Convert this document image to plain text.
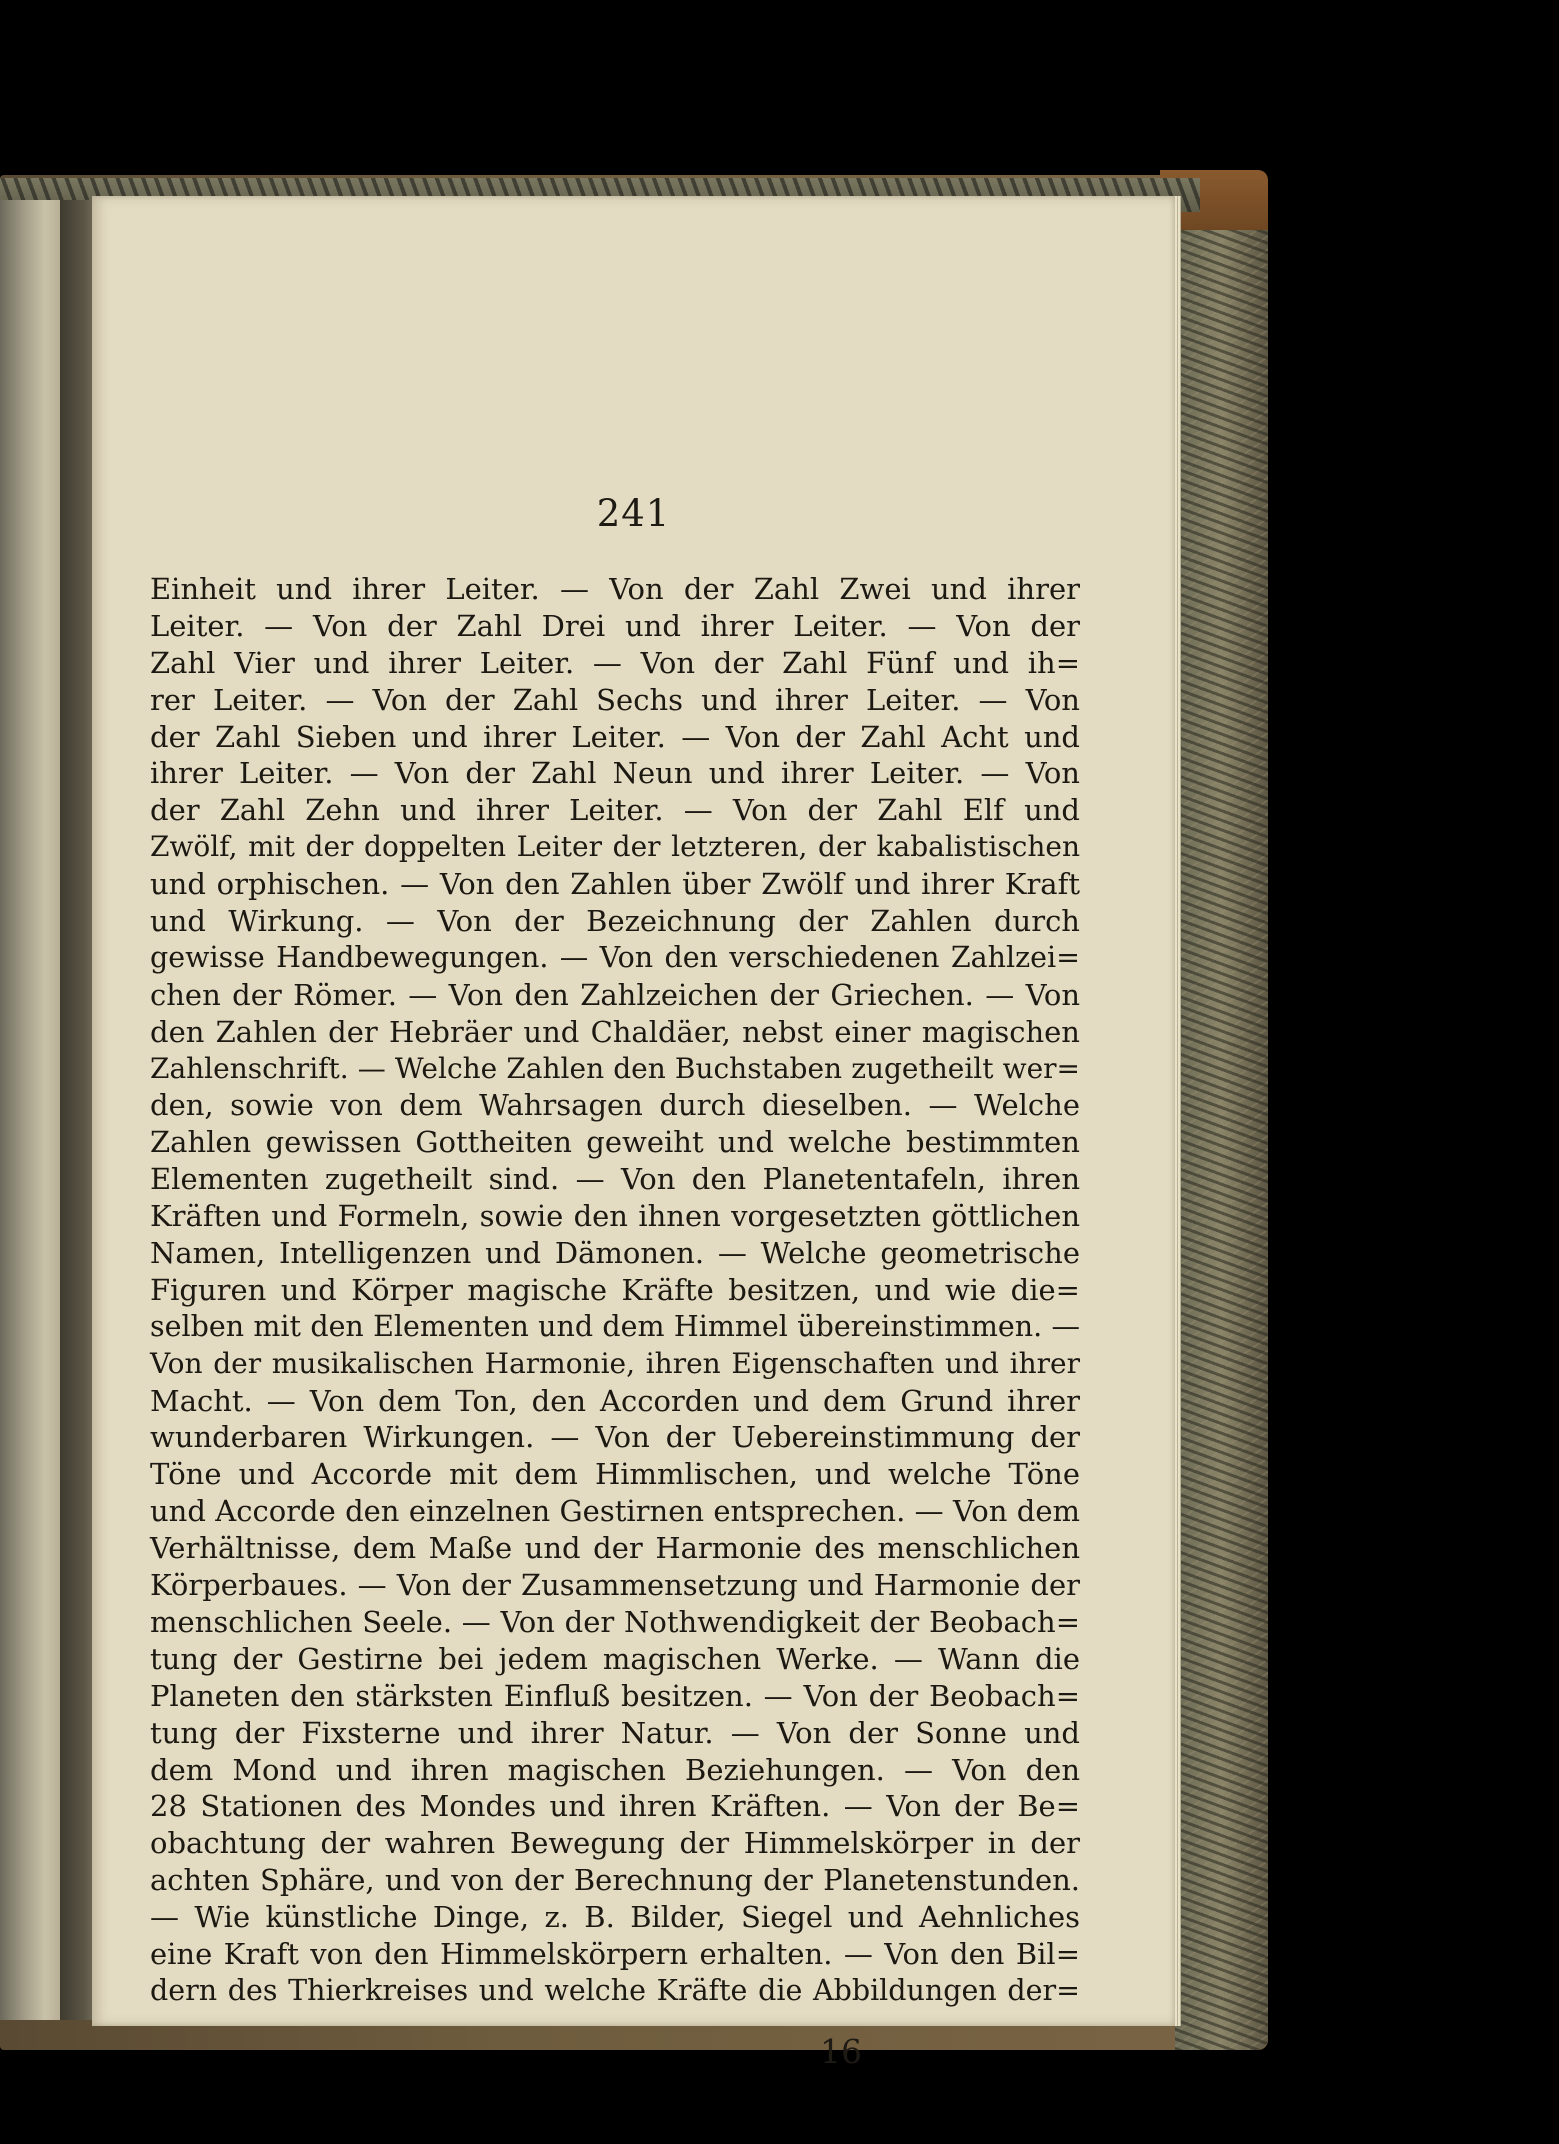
241
Einheit und ihrer Leiter. — Von der Zahl Zwei und ihrer
Leiter. — Von der Zahl Drei und ihrer Leiter. — Von der
Zahl Vier und ihrer Leiter. — Von der Zahl Fünf und ih=
rer Leiter. — Von der Zahl Sechs und ihrer Leiter. — Von
der Zahl Sieben und ihrer Leiter. — Von der Zahl Acht und
ihrer Leiter. — Von der Zahl Neun und ihrer Leiter. — Von
der Zahl Zehn und ihrer Leiter. — Von der Zahl Elf und
Zwölf, mit der doppelten Leiter der letzteren, der kabalistischen
und orphischen. — Von den Zahlen über Zwölf und ihrer Kraft
und Wirkung. — Von der Bezeichnung der Zahlen durch
gewisse Handbewegungen. — Von den verschiedenen Zahlzei=
chen der Römer. — Von den Zahlzeichen der Griechen. — Von
den Zahlen der Hebräer und Chaldäer, nebst einer magischen
Zahlenschrift. — Welche Zahlen den Buchstaben zugetheilt wer=
den, sowie von dem Wahrsagen durch dieselben. — Welche
Zahlen gewissen Gottheiten geweiht und welche bestimmten
Elementen zugetheilt sind. — Von den Planetentafeln, ihren
Kräften und Formeln, sowie den ihnen vorgesetzten göttlichen
Namen, Intelligenzen und Dämonen. — Welche geometrische
Figuren und Körper magische Kräfte besitzen, und wie die=
selben mit den Elementen und dem Himmel übereinstimmen. —
Von der musikalischen Harmonie, ihren Eigenschaften und ihrer
Macht. — Von dem Ton, den Accorden und dem Grund ihrer
wunderbaren Wirkungen. — Von der Uebereinstimmung der
Töne und Accorde mit dem Himmlischen, und welche Töne
und Accorde den einzelnen Gestirnen entsprechen. — Von dem
Verhältnisse, dem Maße und der Harmonie des menschlichen
Körperbaues. — Von der Zusammensetzung und Harmonie der
menschlichen Seele. — Von der Nothwendigkeit der Beobach=
tung der Gestirne bei jedem magischen Werke. — Wann die
Planeten den stärksten Einfluß besitzen. — Von der Beobach=
tung der Fixsterne und ihrer Natur. — Von der Sonne und
dem Mond und ihren magischen Beziehungen. — Von den
28 Stationen des Mondes und ihren Kräften. — Von der Be=
obachtung der wahren Bewegung der Himmelskörper in der
achten Sphäre, und von der Berechnung der Planetenstunden.
— Wie künstliche Dinge, z. B. Bilder, Siegel und Aehnliches
eine Kraft von den Himmelskörpern erhalten. — Von den Bil=
dern des Thierkreises und welche Kräfte die Abbildungen der=
16
